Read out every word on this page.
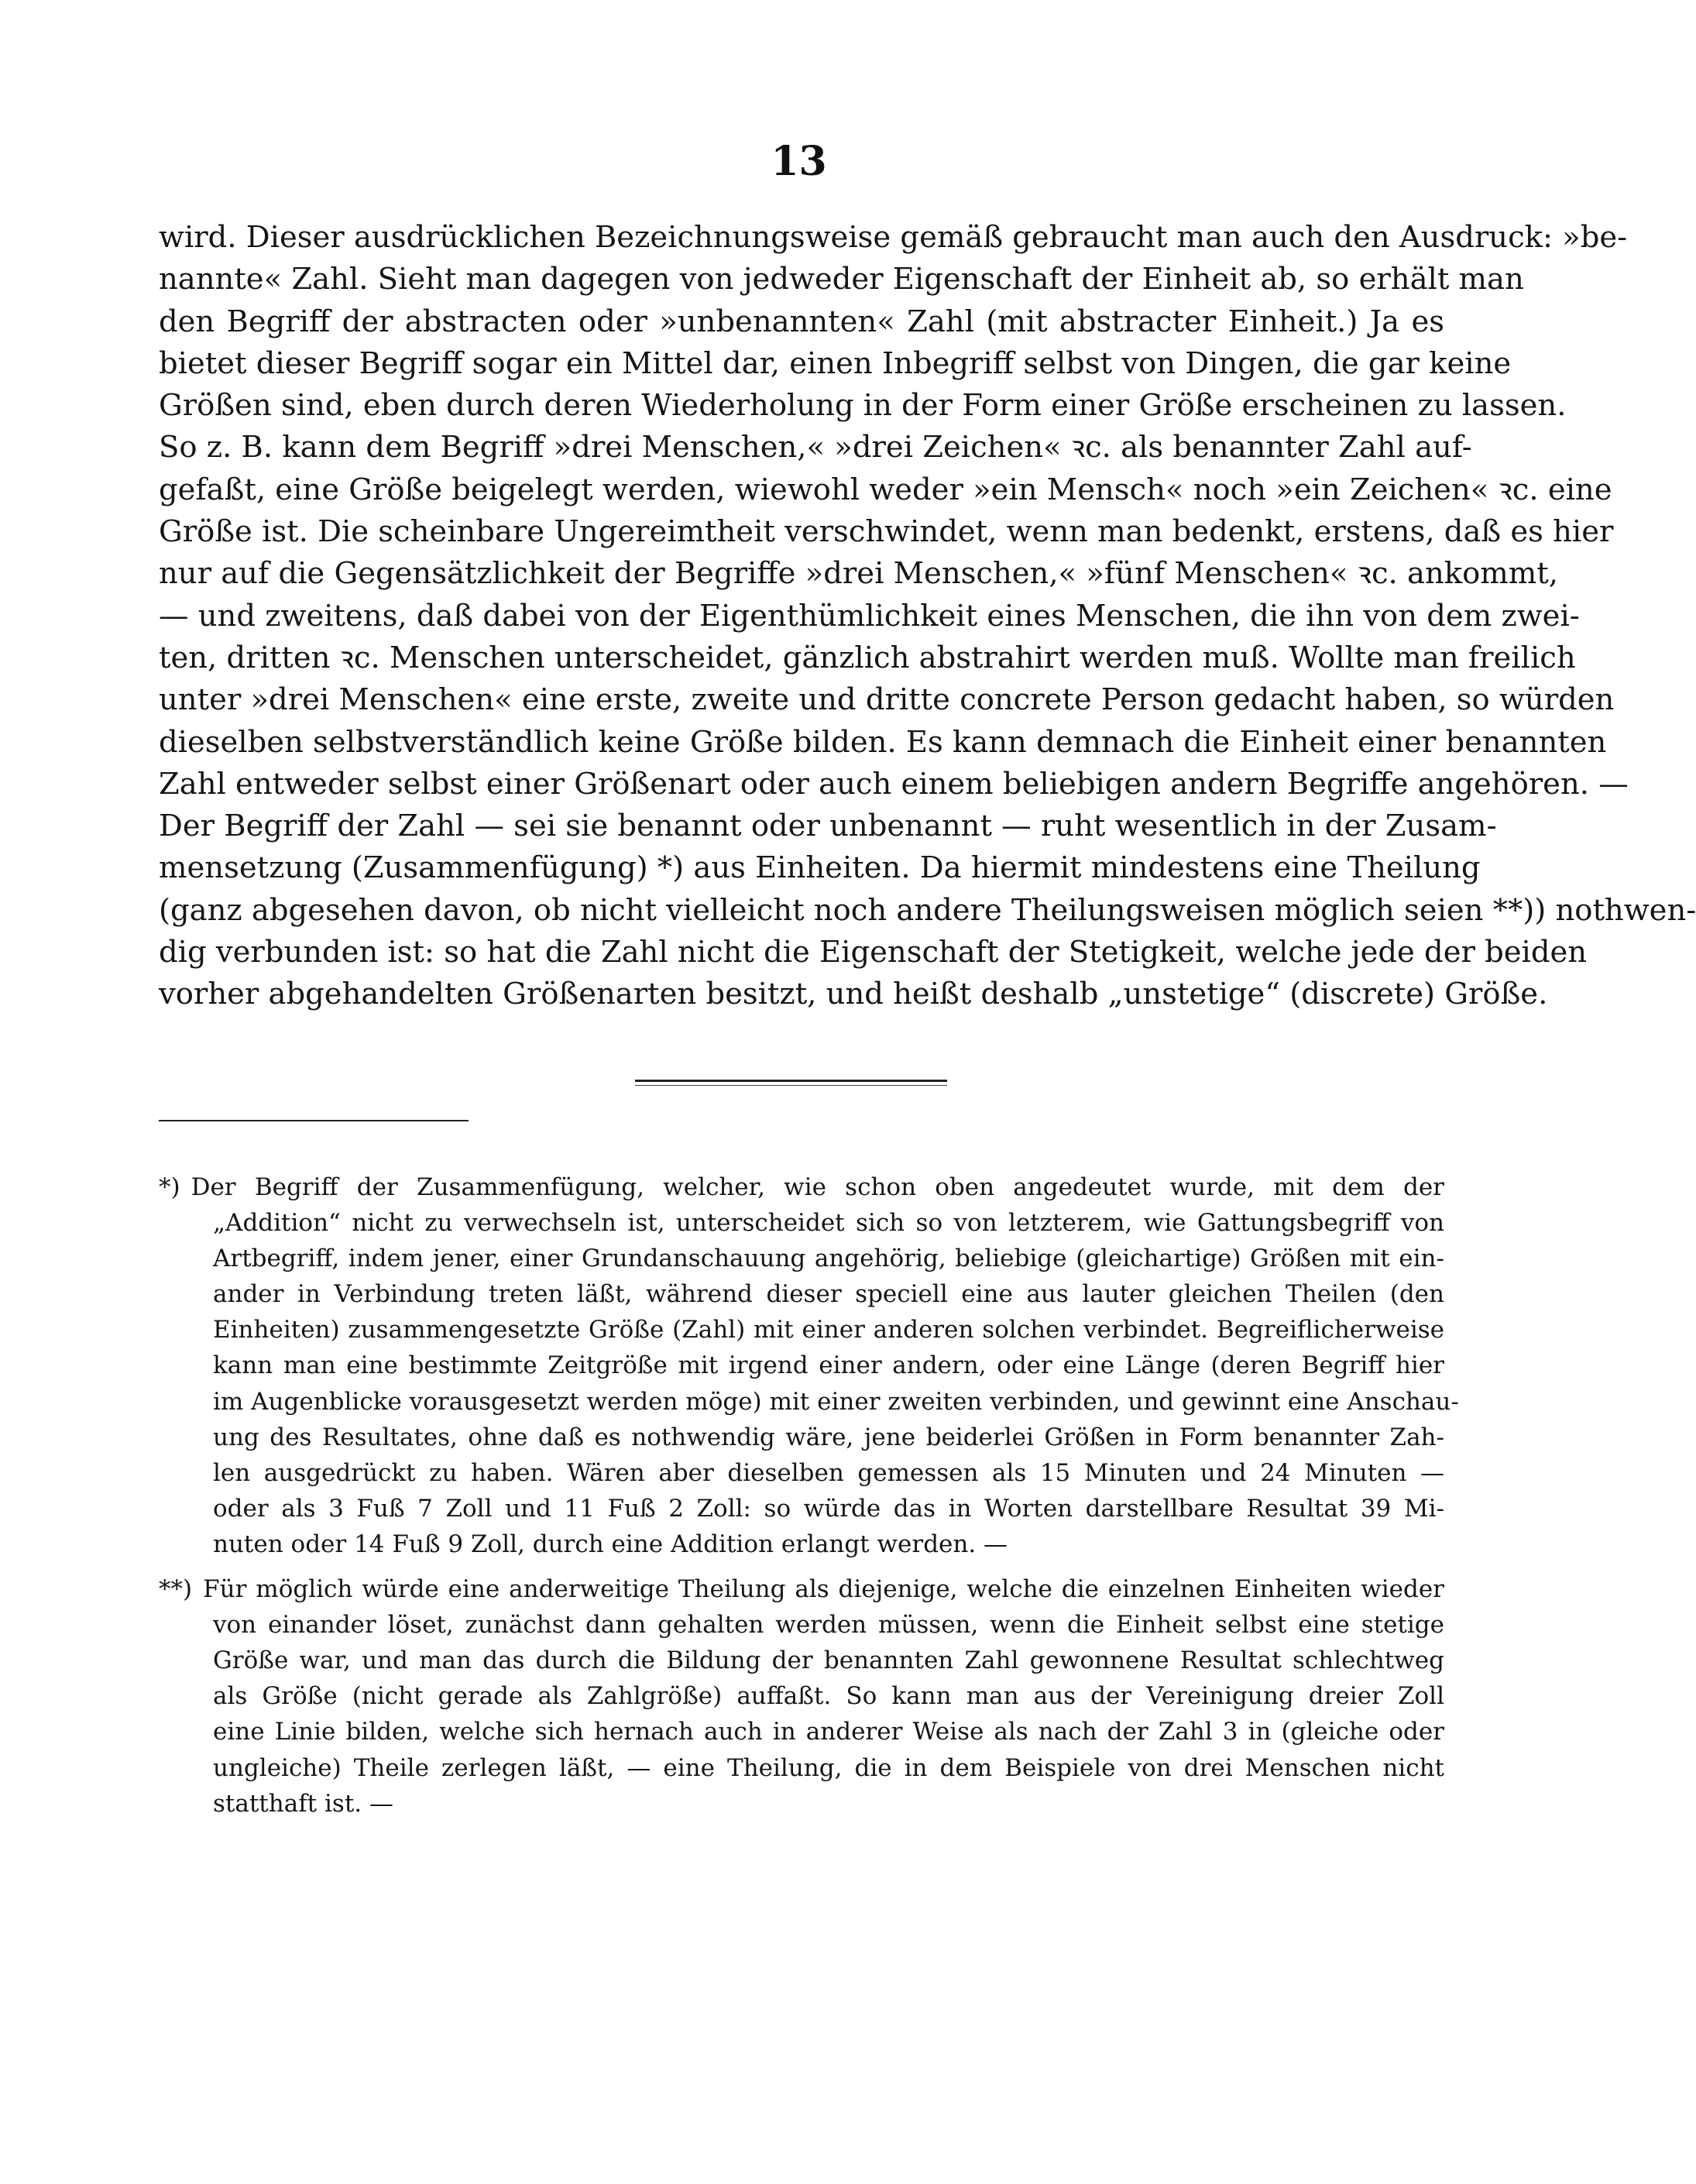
13
wird. Dieser ausdrücklichen Bezeichnungsweise gemäß gebraucht man auch den Ausdruck: »be-
nannte« Zahl. Sieht man dagegen von jedweder Eigenschaft der Einheit ab, so erhält man
den Begriff der abstracten oder »unbenannten« Zahl (mit abstracter Einheit.) Ja es
bietet dieser Begriff sogar ein Mittel dar, einen Inbegriff selbst von Dingen, die gar keine
Größen sind, eben durch deren Wiederholung in der Form einer Größe erscheinen zu lassen.
So z. B. kann dem Begriff »drei Menschen,« »drei Zeichen« ꝛc. als benannter Zahl auf-
gefaßt, eine Größe beigelegt werden, wiewohl weder »ein Mensch« noch »ein Zeichen« ꝛc. eine
Größe ist. Die scheinbare Ungereimtheit verschwindet, wenn man bedenkt, erstens, daß es hier
nur auf die Gegensätzlichkeit der Begriffe »drei Menschen,« »fünf Menschen« ꝛc. ankommt,
— und zweitens, daß dabei von der Eigenthümlichkeit eines Menschen, die ihn von dem zwei-
ten, dritten ꝛc. Menschen unterscheidet, gänzlich abstrahirt werden muß. Wollte man freilich
unter »drei Menschen« eine erste, zweite und dritte concrete Person gedacht haben, so würden
dieselben selbstverständlich keine Größe bilden. Es kann demnach die Einheit einer benannten
Zahl entweder selbst einer Größenart oder auch einem beliebigen andern Begriffe angehören. —
Der Begriff der Zahl — sei sie benannt oder unbenannt — ruht wesentlich in der Zusam-
mensetzung (Zusammenfügung) *) aus Einheiten. Da hiermit mindestens eine Theilung
(ganz abgesehen davon, ob nicht vielleicht noch andere Theilungsweisen möglich seien **)) nothwen-
dig verbunden ist: so hat die Zahl nicht die Eigenschaft der Stetigkeit, welche jede der beiden
vorher abgehandelten Größenarten besitzt, und heißt deshalb „unstetige“ (discrete) Größe.
*) Der Begriff der Zusammenfügung, welcher, wie schon oben angedeutet wurde, mit dem der
„Addition“ nicht zu verwechseln ist, unterscheidet sich so von letzterem, wie Gattungsbegriff von
Artbegriff, indem jener, einer Grundanschauung angehörig, beliebige (gleichartige) Größen mit ein-
ander in Verbindung treten läßt, während dieser speciell eine aus lauter gleichen Theilen (den
Einheiten) zusammengesetzte Größe (Zahl) mit einer anderen solchen verbindet. Begreiflicherweise
kann man eine bestimmte Zeitgröße mit irgend einer andern, oder eine Länge (deren Begriff hier
im Augenblicke vorausgesetzt werden möge) mit einer zweiten verbinden, und gewinnt eine Anschau-
ung des Resultates, ohne daß es nothwendig wäre, jene beiderlei Größen in Form benannter Zah-
len ausgedrückt zu haben. Wären aber dieselben gemessen als 15 Minuten und 24 Minuten —
oder als 3 Fuß 7 Zoll und 11 Fuß 2 Zoll: so würde das in Worten darstellbare Resultat 39 Mi-
nuten oder 14 Fuß 9 Zoll, durch eine Addition erlangt werden. —
**) Für möglich würde eine anderweitige Theilung als diejenige, welche die einzelnen Einheiten wieder
von einander löset, zunächst dann gehalten werden müssen, wenn die Einheit selbst eine stetige
Größe war, und man das durch die Bildung der benannten Zahl gewonnene Resultat schlechtweg
als Größe (nicht gerade als Zahlgröße) auffaßt. So kann man aus der Vereinigung dreier Zoll
eine Linie bilden, welche sich hernach auch in anderer Weise als nach der Zahl 3 in (gleiche oder
ungleiche) Theile zerlegen läßt, — eine Theilung, die in dem Beispiele von drei Menschen nicht
statthaft ist. —
